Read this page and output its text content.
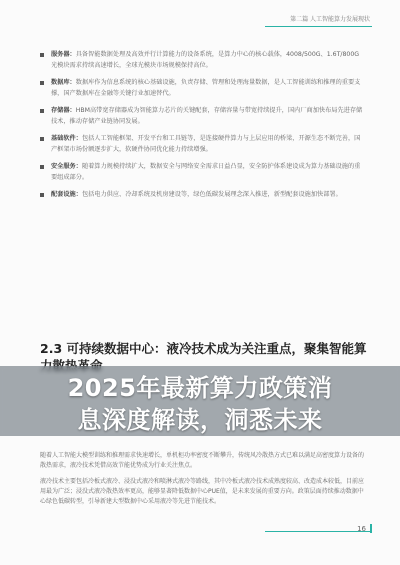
第二篇 人工智能算力发展现状
服务器：具备智能数据处理及高效并行计算能力的设备系统，是算力中心的核心载体，4008/500G、1.6T/800G光模块需求持续高速增长，全球光模块市场规模保持高位。
数据库：数据库作为信息系统的核心基础设施，负责存储、管理和处理海量数据，是人工智能训练和推理的重要支撑，国产数据库在金融等关键行业加速替代。
存储器：HBM高带宽存储器成为智能算力芯片的关键配套，存储容量与带宽持续提升，国内厂商加快布局先进存储技术，推动存储产业链协同发展。
基础软件：包括人工智能框架、开发平台和工具链等，是连接硬件算力与上层应用的桥梁，开源生态不断完善，国产框架市场份额逐步扩大，软硬件协同优化能力持续增强。
安全服务：随着算力规模持续扩大，数据安全与网络安全需求日益凸显，安全防护体系建设成为算力基础设施的重要组成部分。
配套设施：包括电力供应、冷却系统及机房建设等，绿色低碳发展理念深入推进，新型配套设施加快部署。
2.3 可持续数据中心：液冷技术成为关注重点，聚集智能算
2025年最新算力政策消
息深度解读，洞悉未来

随着人工智能大模型训练和推理需求快速增长，单机柜功率密度不断攀升，传统风冷散热方式已难以满足高密度算力设备的散热需求，液冷技术凭借高效节能优势成为行业关注焦点。

液冷技术主要包括冷板式液冷、浸没式液冷和喷淋式液冷等路线，其中冷板式液冷技术成熟度较高、改造成本较低，目前应用最为广泛；浸没式液冷散热效率更高，能够显著降低数据中心PUE值，是未来发展的重要方向。政策层面持续推动数据中心绿色低碳转型，引导新建大型数据中心采用液冷等先进节能技术。

16
